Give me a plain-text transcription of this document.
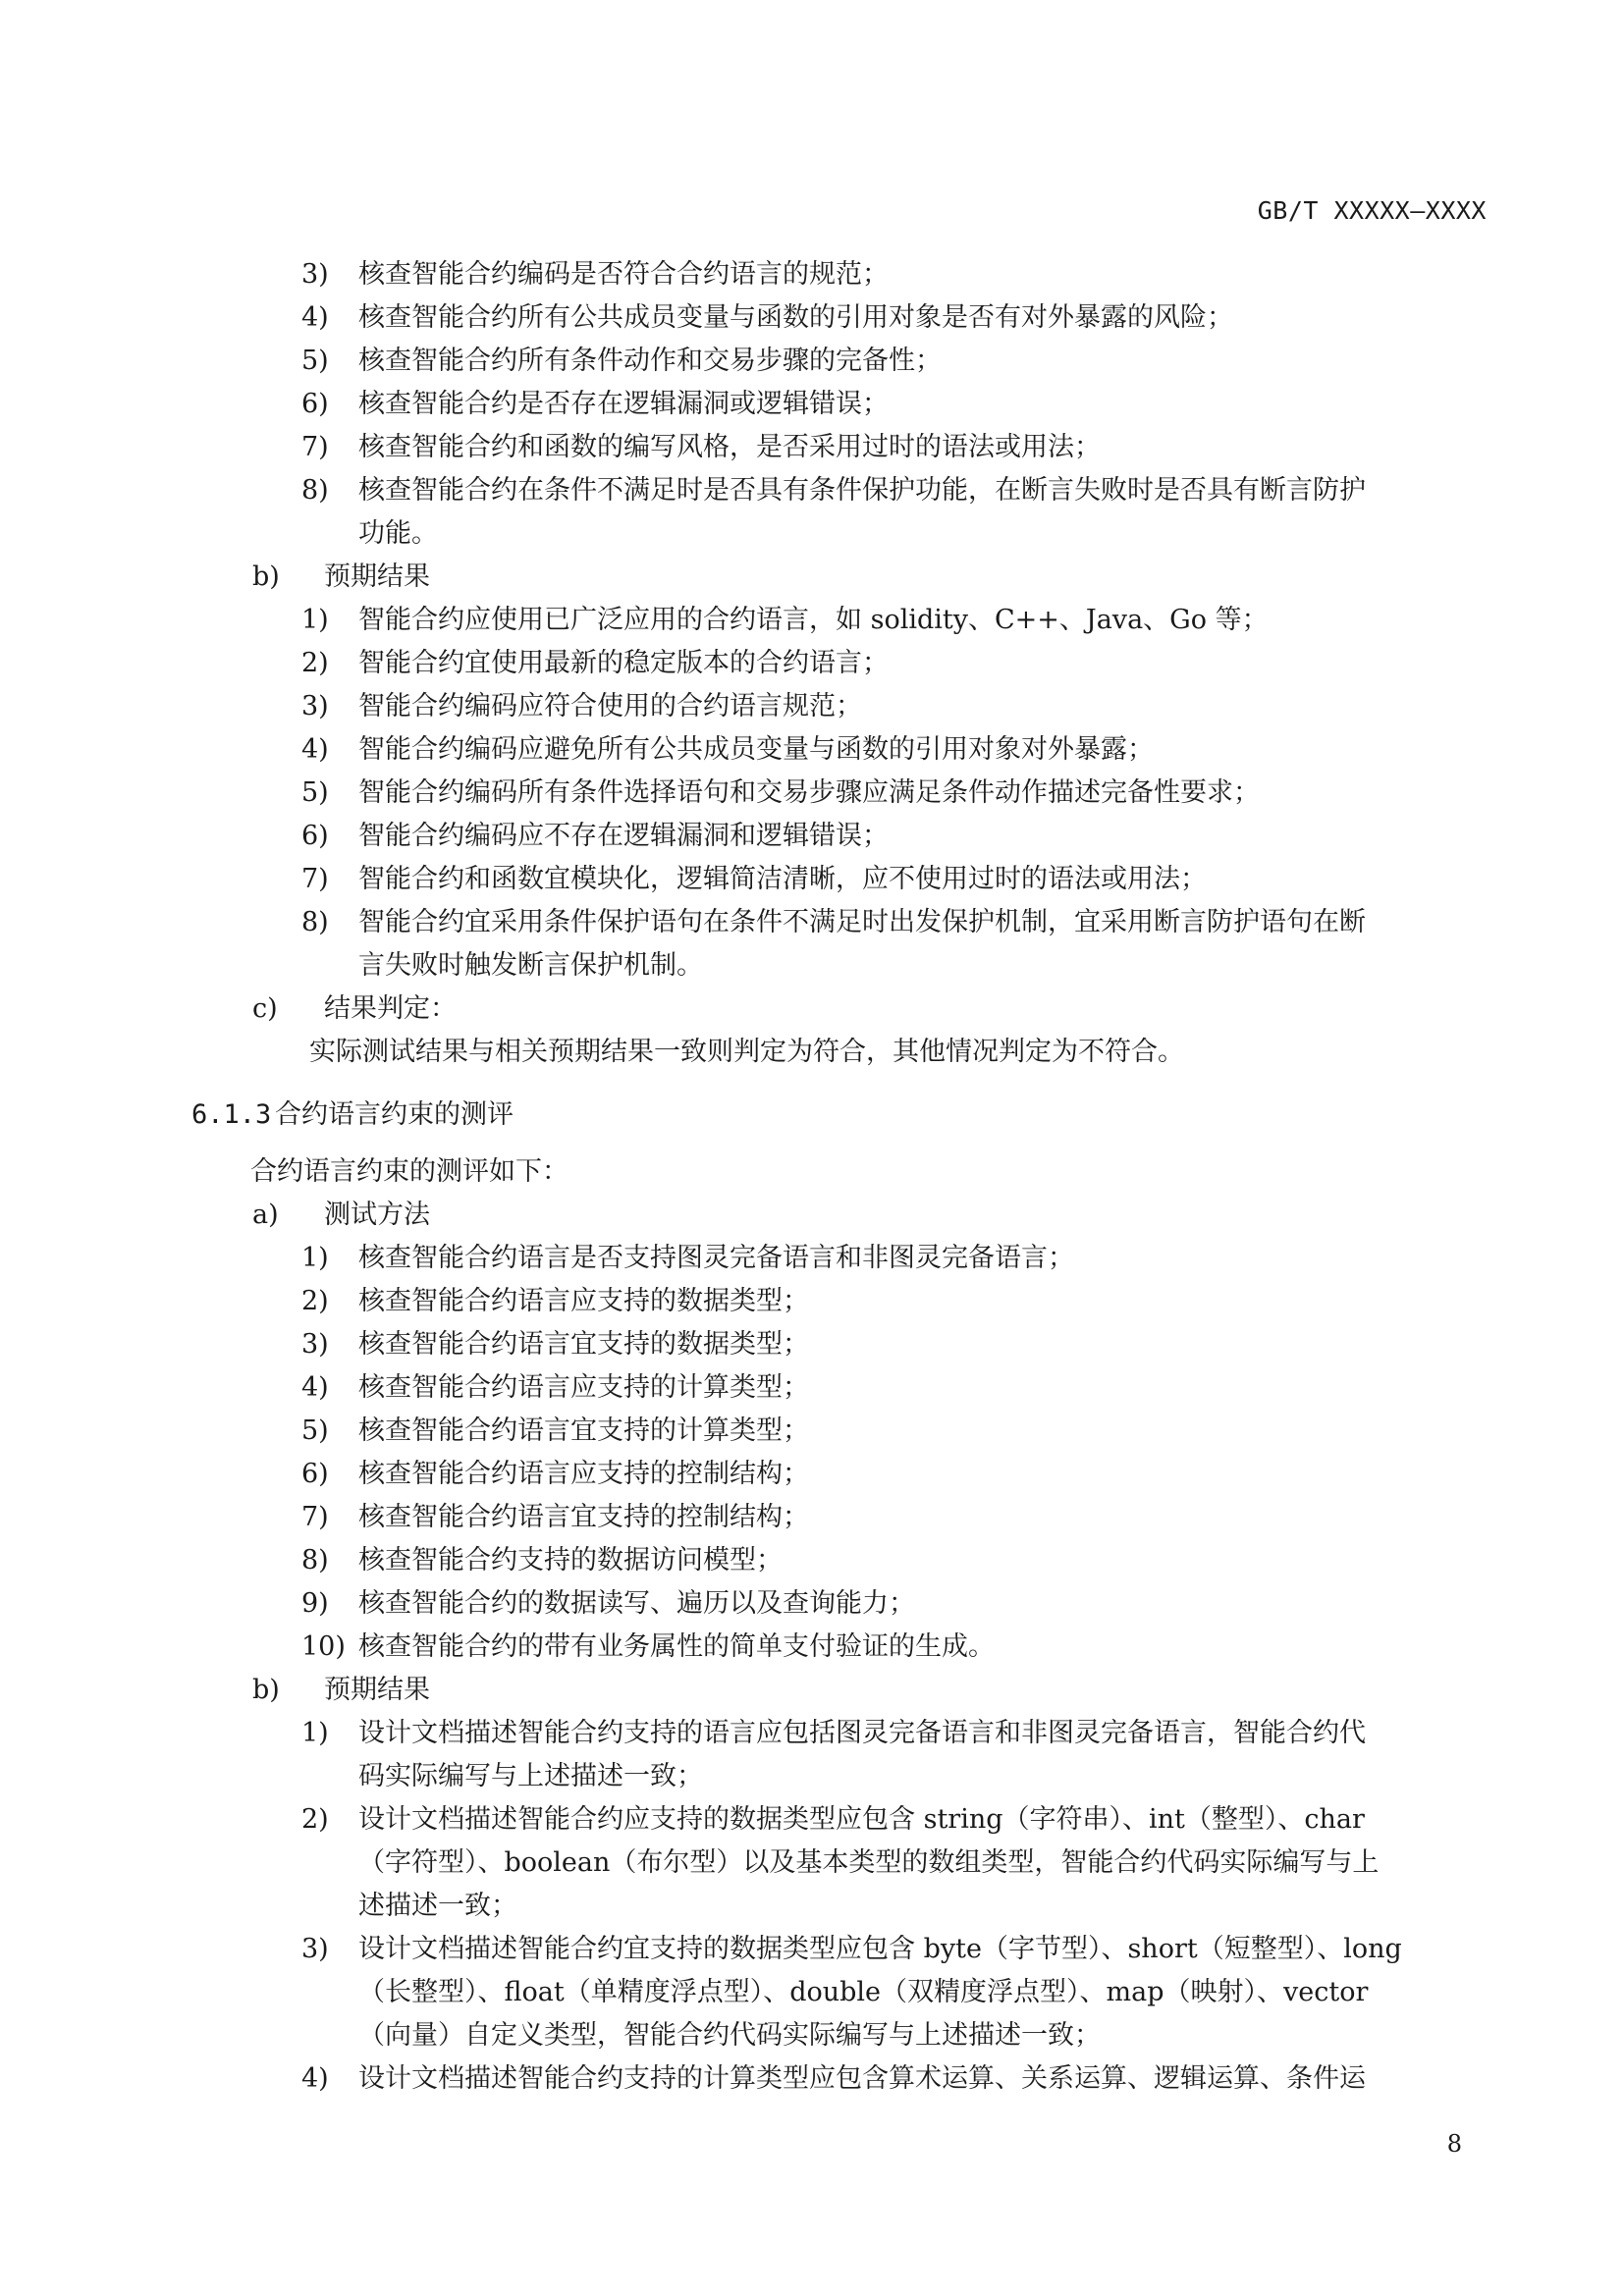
GB/T XXXXX—XXXX
3)	核查智能合约编码是否符合合约语言的规范；
4)	核查智能合约所有公共成员变量与函数的引用对象是否有对外暴露的风险；
5)	核查智能合约所有条件动作和交易步骤的完备性；
6)	核查智能合约是否存在逻辑漏洞或逻辑错误；
7)	核查智能合约和函数的编写风格，是否采用过时的语法或用法；
8)	核查智能合约在条件不满足时是否具有条件保护功能，在断言失败时是否具有断言防护
功能。
b)	预期结果
1)	智能合约应使用已广泛应用的合约语言，如 solidity、C++、Java、Go 等；
2)	智能合约宜使用最新的稳定版本的合约语言；
3)	智能合约编码应符合使用的合约语言规范；
4)	智能合约编码应避免所有公共成员变量与函数的引用对象对外暴露；
5)	智能合约编码所有条件选择语句和交易步骤应满足条件动作描述完备性要求；
6)	智能合约编码应不存在逻辑漏洞和逻辑错误；
7)	智能合约和函数宜模块化，逻辑简洁清晰，应不使用过时的语法或用法；
8)	智能合约宜采用条件保护语句在条件不满足时出发保护机制，宜采用断言防护语句在断
言失败时触发断言保护机制。
c)	结果判定：
实际测试结果与相关预期结果一致则判定为符合，其他情况判定为不符合。
6.1.3 合约语言约束的测评
合约语言约束的测评如下：
a)	测试方法
1)	核查智能合约语言是否支持图灵完备语言和非图灵完备语言；
2)	核查智能合约语言应支持的数据类型；
3)	核查智能合约语言宜支持的数据类型；
4)	核查智能合约语言应支持的计算类型；
5)	核查智能合约语言宜支持的计算类型；
6)	核查智能合约语言应支持的控制结构；
7)	核查智能合约语言宜支持的控制结构；
8)	核查智能合约支持的数据访问模型；
9)	核查智能合约的数据读写、遍历以及查询能力；
10) 核查智能合约的带有业务属性的简单支付验证的生成。
b)	预期结果
1)	设计文档描述智能合约支持的语言应包括图灵完备语言和非图灵完备语言，智能合约代
码实际编写与上述描述一致；
2)	设计文档描述智能合约应支持的数据类型应包含 string（字符串）、int（整型）、char
（字符型）、boolean（布尔型）以及基本类型的数组类型，智能合约代码实际编写与上
述描述一致；
3)	设计文档描述智能合约宜支持的数据类型应包含 byte（字节型）、short（短整型）、long
（长整型）、float（单精度浮点型）、double（双精度浮点型）、map（映射）、vector
（向量）自定义类型，智能合约代码实际编写与上述描述一致；
4)	设计文档描述智能合约支持的计算类型应包含算术运算、关系运算、逻辑运算、条件运
8
